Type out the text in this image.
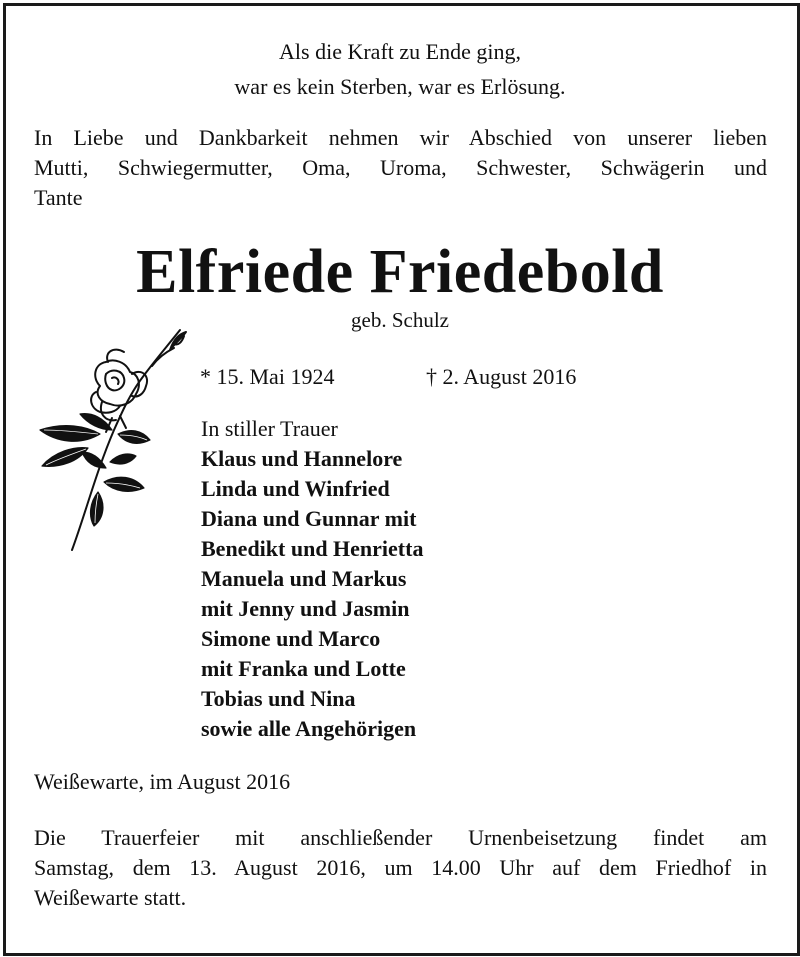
Als die Kraft zu Ende ging,
war es kein Sterben, war es Erlösung.
In Liebe und Dankbarkeit nehmen wir Abschied von unserer lieben
Mutti, Schwiegermutter, Oma, Uroma, Schwester, Schwägerin und
Tante
Elfriede Friedebold
geb. Schulz
* 15. Mai 1924	† 2. August 2016
In stiller Trauer
Klaus und Hannelore
Linda und Winfried
Diana und Gunnar mit
Benedikt und Henrietta
Manuela und Markus
mit Jenny und Jasmin
Simone und Marco
mit Franka und Lotte
Tobias und Nina
sowie alle Angehörigen
Weißewarte, im August 2016
Die Trauerfeier mit anschließender Urnenbeisetzung findet am
Samstag, dem 13. August 2016, um 14.00 Uhr auf dem Friedhof in
Weißewarte statt.
